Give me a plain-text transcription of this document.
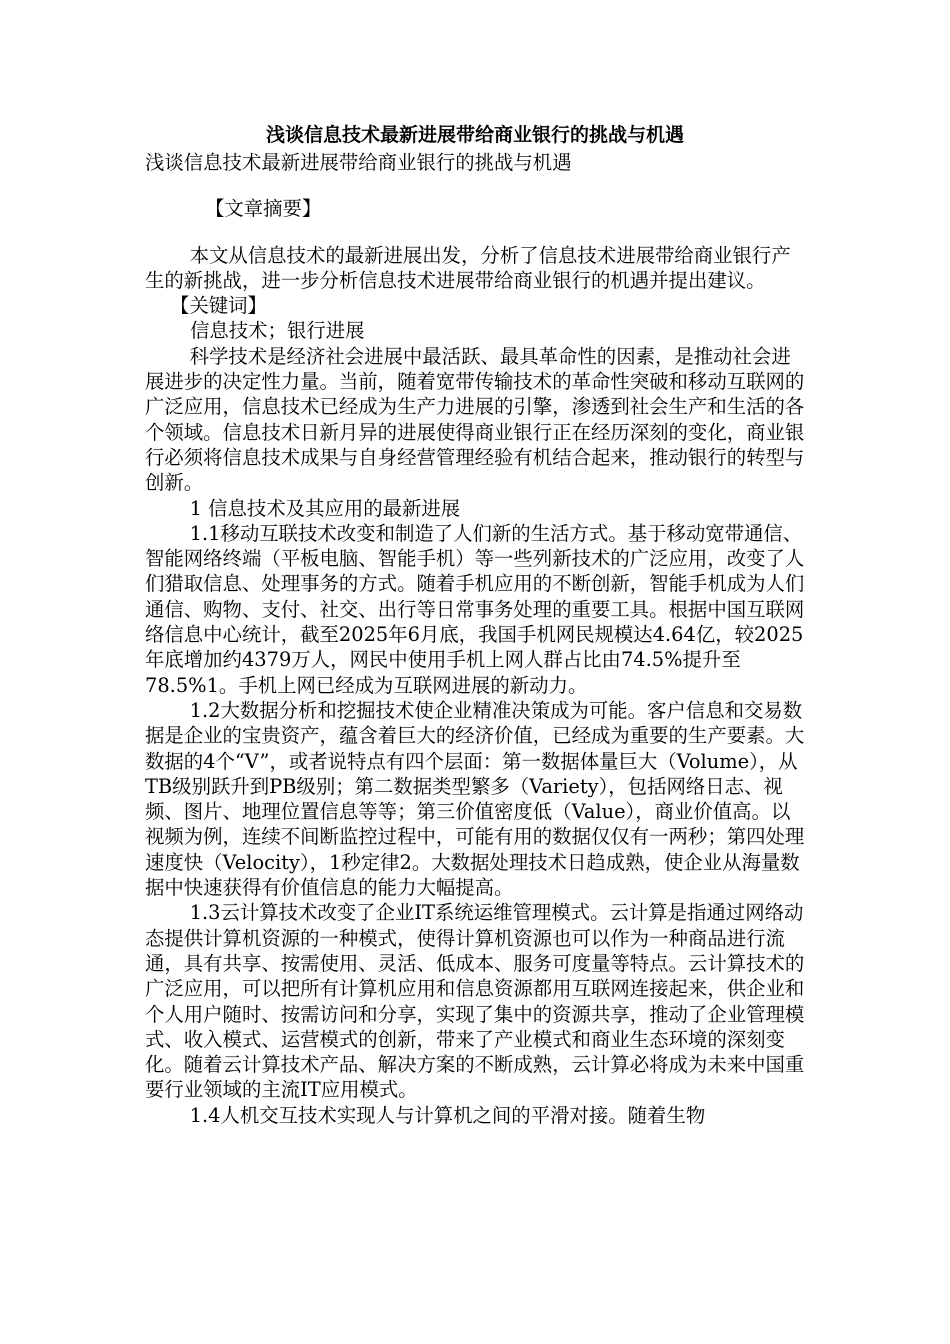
浅谈信息技术最新进展带给商业银行的挑战与机遇

浅谈信息技术最新进展带给商业银行的挑战与机遇

【文章摘要】

本文从信息技术的最新进展出发，分析了信息技术进展带给商业银行产生的新挑战，进一步分析信息技术进展带给商业银行的机遇并提出建议。

【关键词】

信息技术；银行进展

科学技术是经济社会进展中最活跃、最具革命性的因素，是推动社会进展进步的决定性力量。当前，随着宽带传输技术的革命性突破和移动互联网的广泛应用，信息技术已经成为生产力进展的引擎，渗透到社会生产和生活的各个领域。信息技术日新月异的进展使得商业银行正在经历深刻的变化，商业银行必须将信息技术成果与自身经营管理经验有机结合起来，推动银行的转型与创新。

1 信息技术及其应用的最新进展

1.1移动互联技术改变和制造了人们新的生活方式。基于移动宽带通信、智能网络终端（平板电脑、智能手机）等一些列新技术的广泛应用，改变了人们猎取信息、处理事务的方式。随着手机应用的不断创新，智能手机成为人们通信、购物、支付、社交、出行等日常事务处理的重要工具。根据中国互联网络信息中心统计，截至2025年6月底，我国手机网民规模达4.64亿，较2025年底增加约4379万人，网民中使用手机上网人群占比由74.5%提升至78.5%1。手机上网已经成为互联网进展的新动力。

1.2大数据分析和挖掘技术使企业精准决策成为可能。客户信息和交易数据是企业的宝贵资产，蕴含着巨大的经济价值，已经成为重要的生产要素。大数据的4个“V”，或者说特点有四个层面：第一数据体量巨大（Volume），从TB级别跃升到PB级别；第二数据类型繁多（Variety），包括网络日志、视频、图片、地理位置信息等等；第三价值密度低（Value），商业价值高。以视频为例，连续不间断监控过程中，可能有用的数据仅仅有一两秒；第四处理速度快（Velocity），1秒定律2。大数据处理技术日趋成熟，使企业从海量数据中快速获得有价值信息的能力大幅提高。

1.3云计算技术改变了企业IT系统运维管理模式。云计算是指通过网络动态提供计算机资源的一种模式，使得计算机资源也可以作为一种商品进行流通，具有共享、按需使用、灵活、低成本、服务可度量等特点。云计算技术的广泛应用，可以把所有计算机应用和信息资源都用互联网连接起来，供企业和个人用户随时、按需访问和分享，实现了集中的资源共享，推动了企业管理模式、收入模式、运营模式的创新，带来了产业模式和商业生态环境的深刻变化。随着云计算技术产品、解决方案的不断成熟，云计算必将成为未来中国重要行业领域的主流IT应用模式。

1.4人机交互技术实现人与计算机之间的平滑对接。随着生物
